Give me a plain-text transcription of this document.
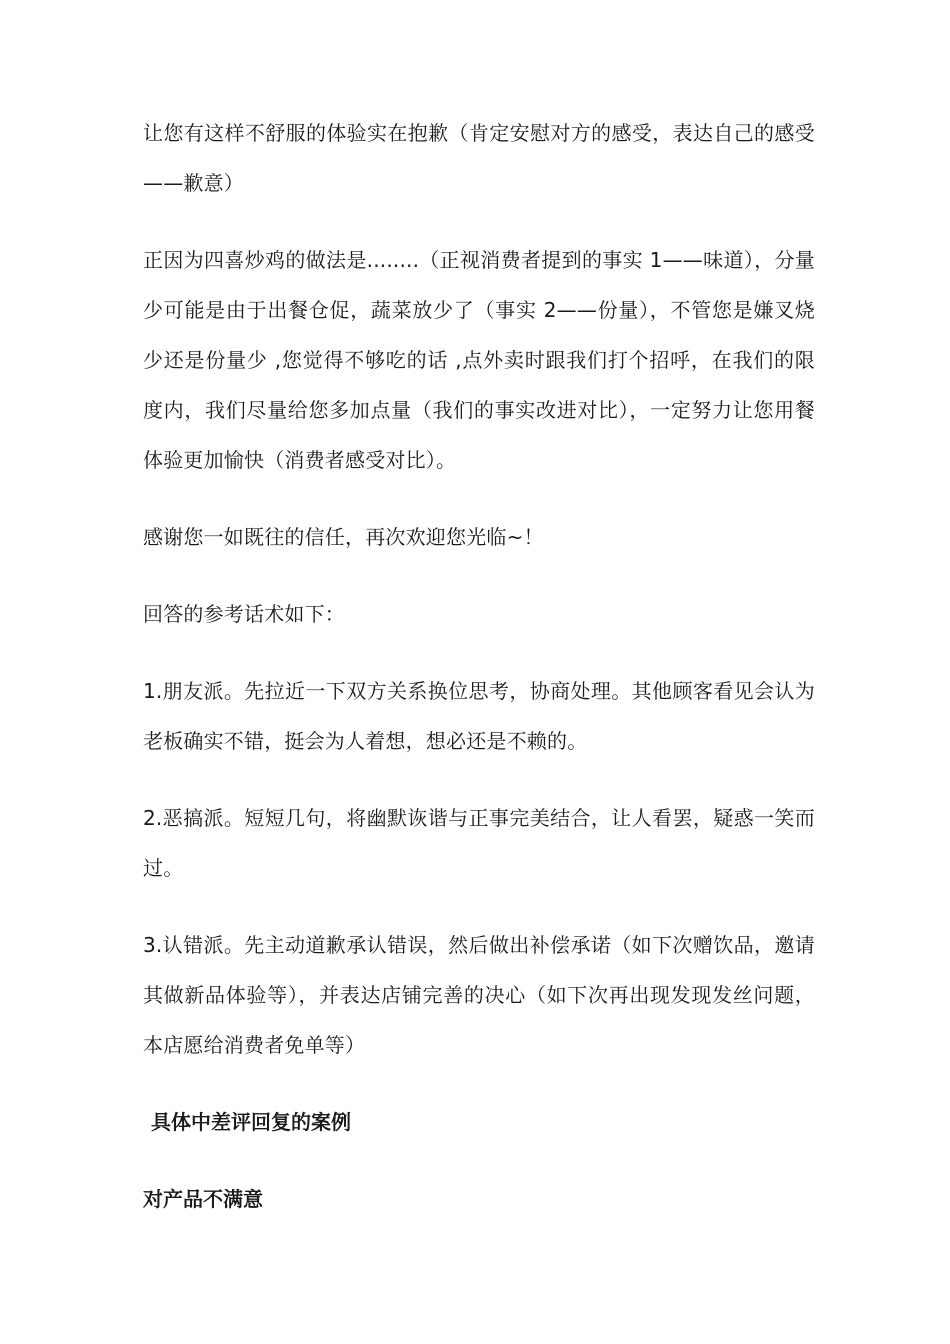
让您有这样不舒服的体验实在抱歉（肯定安慰对方的感受，表达自己的感受——歉意）

正因为四喜炒鸡的做法是........（正视消费者提到的事实 1——味道），分量少可能是由于出餐仓促，蔬菜放少了（事实 2——份量），不管您是嫌叉烧少还是份量少 ,您觉得不够吃的话 ,点外卖时跟我们打个招呼，在我们的限度内，我们尽量给您多加点量（我们的事实改进对比），一定努力让您用餐体验更加愉快（消费者感受对比）。

感谢您一如既往的信任，再次欢迎您光临~！

回答的参考话术如下：

1.朋友派。先拉近一下双方关系换位思考，协商处理。其他顾客看见会认为老板确实不错，挺会为人着想，想必还是不赖的。

2.恶搞派。短短几句，将幽默诙谐与正事完美结合，让人看罢，疑惑一笑而过。

3.认错派。先主动道歉承认错误，然后做出补偿承诺（如下次赠饮品，邀请其做新品体验等），并表达店铺完善的决心（如下次再出现发现发丝问题，本店愿给消费者免单等）

具体中差评回复的案例
对产品不满意
